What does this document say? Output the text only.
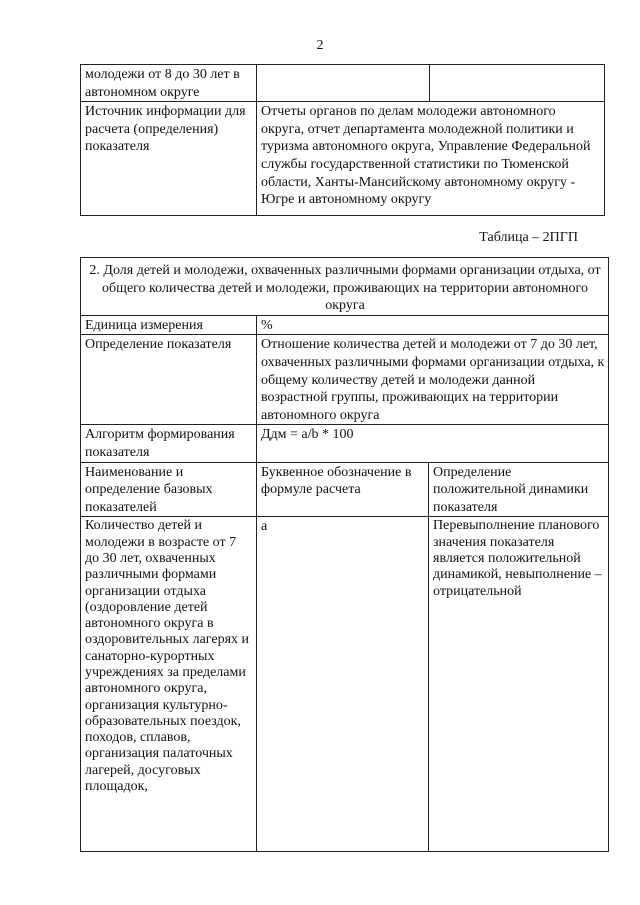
2
молодежи от 8 до 30 лет в автономном округе		
Источник информации для расчета (определения) показателя	Отчеты органов по делам молодежи автономного округа, отчет департамента молодежной политики и туризма автономного округа, Управление Федеральной службы государственной статистики по Тюменской области, Ханты-Мансийскому автономному округу - Югре и автономному округу	
Таблица – 2ПГП
2. Доля детей и молодежи, охваченных различными формами организации отдыха, от общего количества детей и молодежи, проживающих на территории автономного округа		
Единица измерения	%	
Определение показателя	Отношение количества детей и молодежи от 7 до 30 лет, охваченных различными формами организации отдыха, к общему количеству детей и молодежи данной возрастной группы, проживающих на территории автономного округа	
Алгоритм формирования показателя	Ддм = a/b * 100	
Наименование и определение базовых показателей	Буквенное обозначение в формуле расчета	Определение положительной динамики показателя
Количество детей и молодежи в возрасте от 7 до 30 лет, охваченных различными формами организации отдыха (оздоровление детей автономного округа в оздоровительных лагерях и санаторно-курортных учреждениях за пределами автономного округа, организация культурно-образовательных поездок, походов, сплавов, организация палаточных лагерей, досуговых площадок,	a	Перевыполнение планового значения показателя является положительной динамикой, невыполнение – отрицательной
